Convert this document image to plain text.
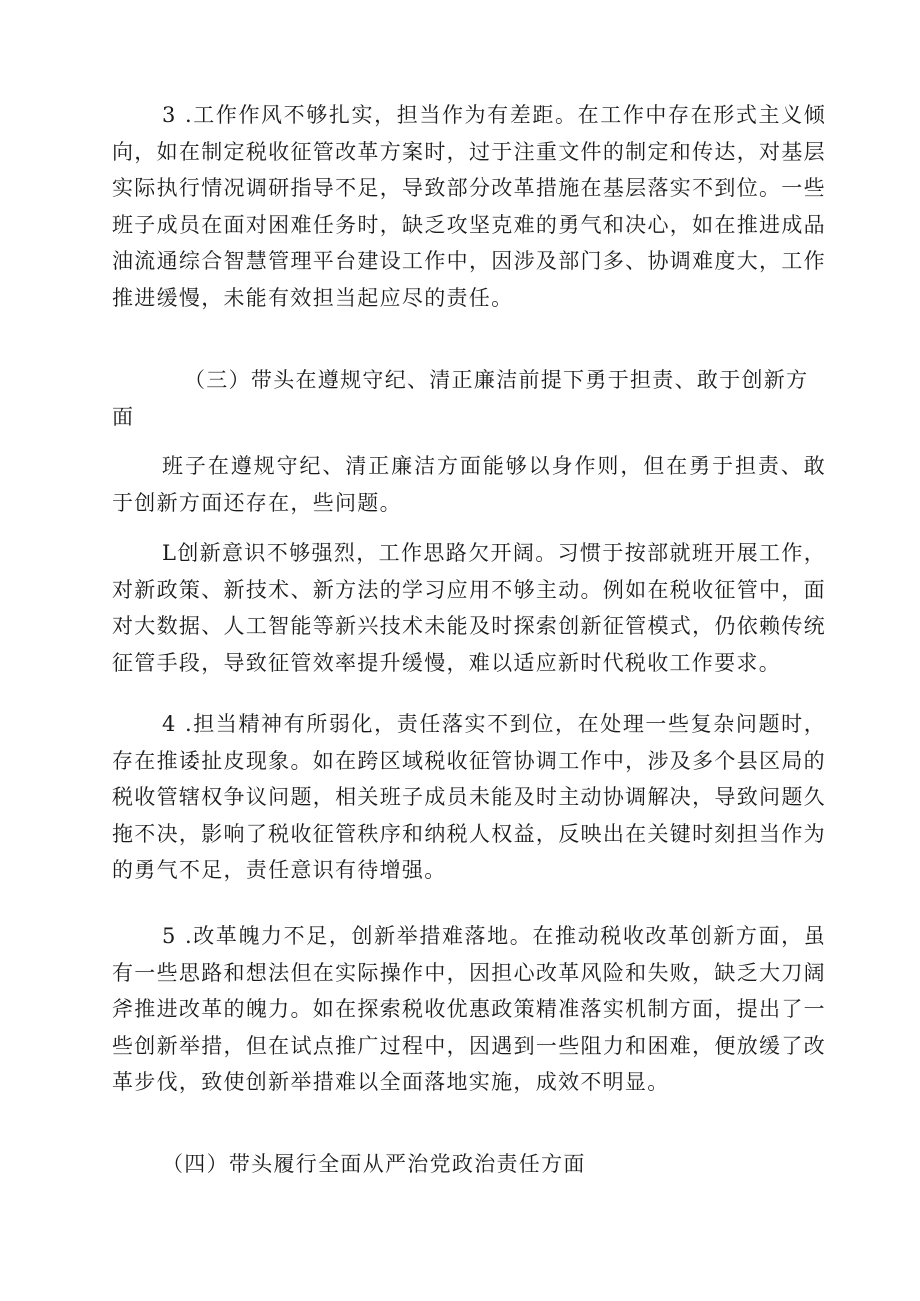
3 .工作作风不够扎实，担当作为有差距。在工作中存在形式主义倾向，如在制定税收征管改革方案时，过于注重文件的制定和传达，对基层实际执行情况调研指导不足，导致部分改革措施在基层落实不到位。一些班子成员在面对困难任务时，缺乏攻坚克难的勇气和决心，如在推进成品油流通综合智慧管理平台建设工作中，因涉及部门多、协调难度大，工作推进缓慢，未能有效担当起应尽的责任。

（三）带头在遵规守纪、清正廉洁前提下勇于担责、敢于创新方面

班子在遵规守纪、清正廉洁方面能够以身作则，但在勇于担责、敢于创新方面还存在，些问题。

L创新意识不够强烈，工作思路欠开阔。习惯于按部就班开展工作，对新政策、新技术、新方法的学习应用不够主动。例如在税收征管中，面对大数据、人工智能等新兴技术未能及时探索创新征管模式，仍依赖传统征管手段，导致征管效率提升缓慢，难以适应新时代税收工作要求。

4 .担当精神有所弱化，责任落实不到位，在处理一些复杂问题时，存在推诿扯皮现象。如在跨区域税收征管协调工作中，涉及多个县区局的税收管辖权争议问题，相关班子成员未能及时主动协调解决，导致问题久拖不决，影响了税收征管秩序和纳税人权益，反映出在关键时刻担当作为的勇气不足，责任意识有待增强。

5 .改革魄力不足，创新举措难落地。在推动税收改革创新方面，虽有一些思路和想法但在实际操作中，因担心改革风险和失败，缺乏大刀阔斧推进改革的魄力。如在探索税收优惠政策精准落实机制方面，提出了一些创新举措，但在试点推广过程中，因遇到一些阻力和困难，便放缓了改革步伐，致使创新举措难以全面落地实施，成效不明显。

（四）带头履行全面从严治党政治责任方面
